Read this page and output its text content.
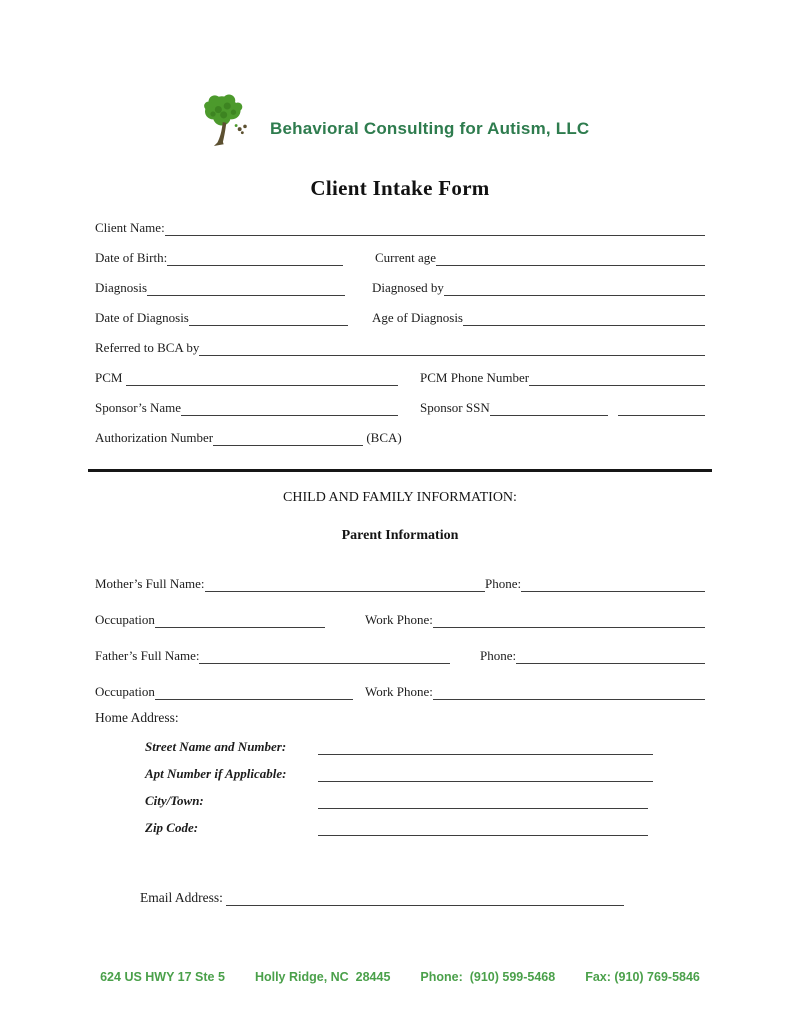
Behavioral Consulting for Autism, LLC
Client Intake Form
Client Name:
Date of Birth:	Current age
Diagnosis	Diagnosed by
Date of Diagnosis	Age of Diagnosis
Referred to BCA by
PCM	PCM Phone Number
Sponsor’s Name	Sponsor SSN
Authorization Number	(BCA)
CHILD AND FAMILY INFORMATION:
Parent Information
Mother’s Full Name:	Phone:
Occupation	Work Phone:
Father’s Full Name:	Phone:
Occupation	Work Phone:
Home Address:
Street Name and Number:
Apt Number if Applicable:
City/Town:
Zip Code:
Email Address:
624 US HWY 17 Ste 5 Holly Ridge, NC  28445 Phone:  (910) 599-5468 Fax: (910) 769-5846
